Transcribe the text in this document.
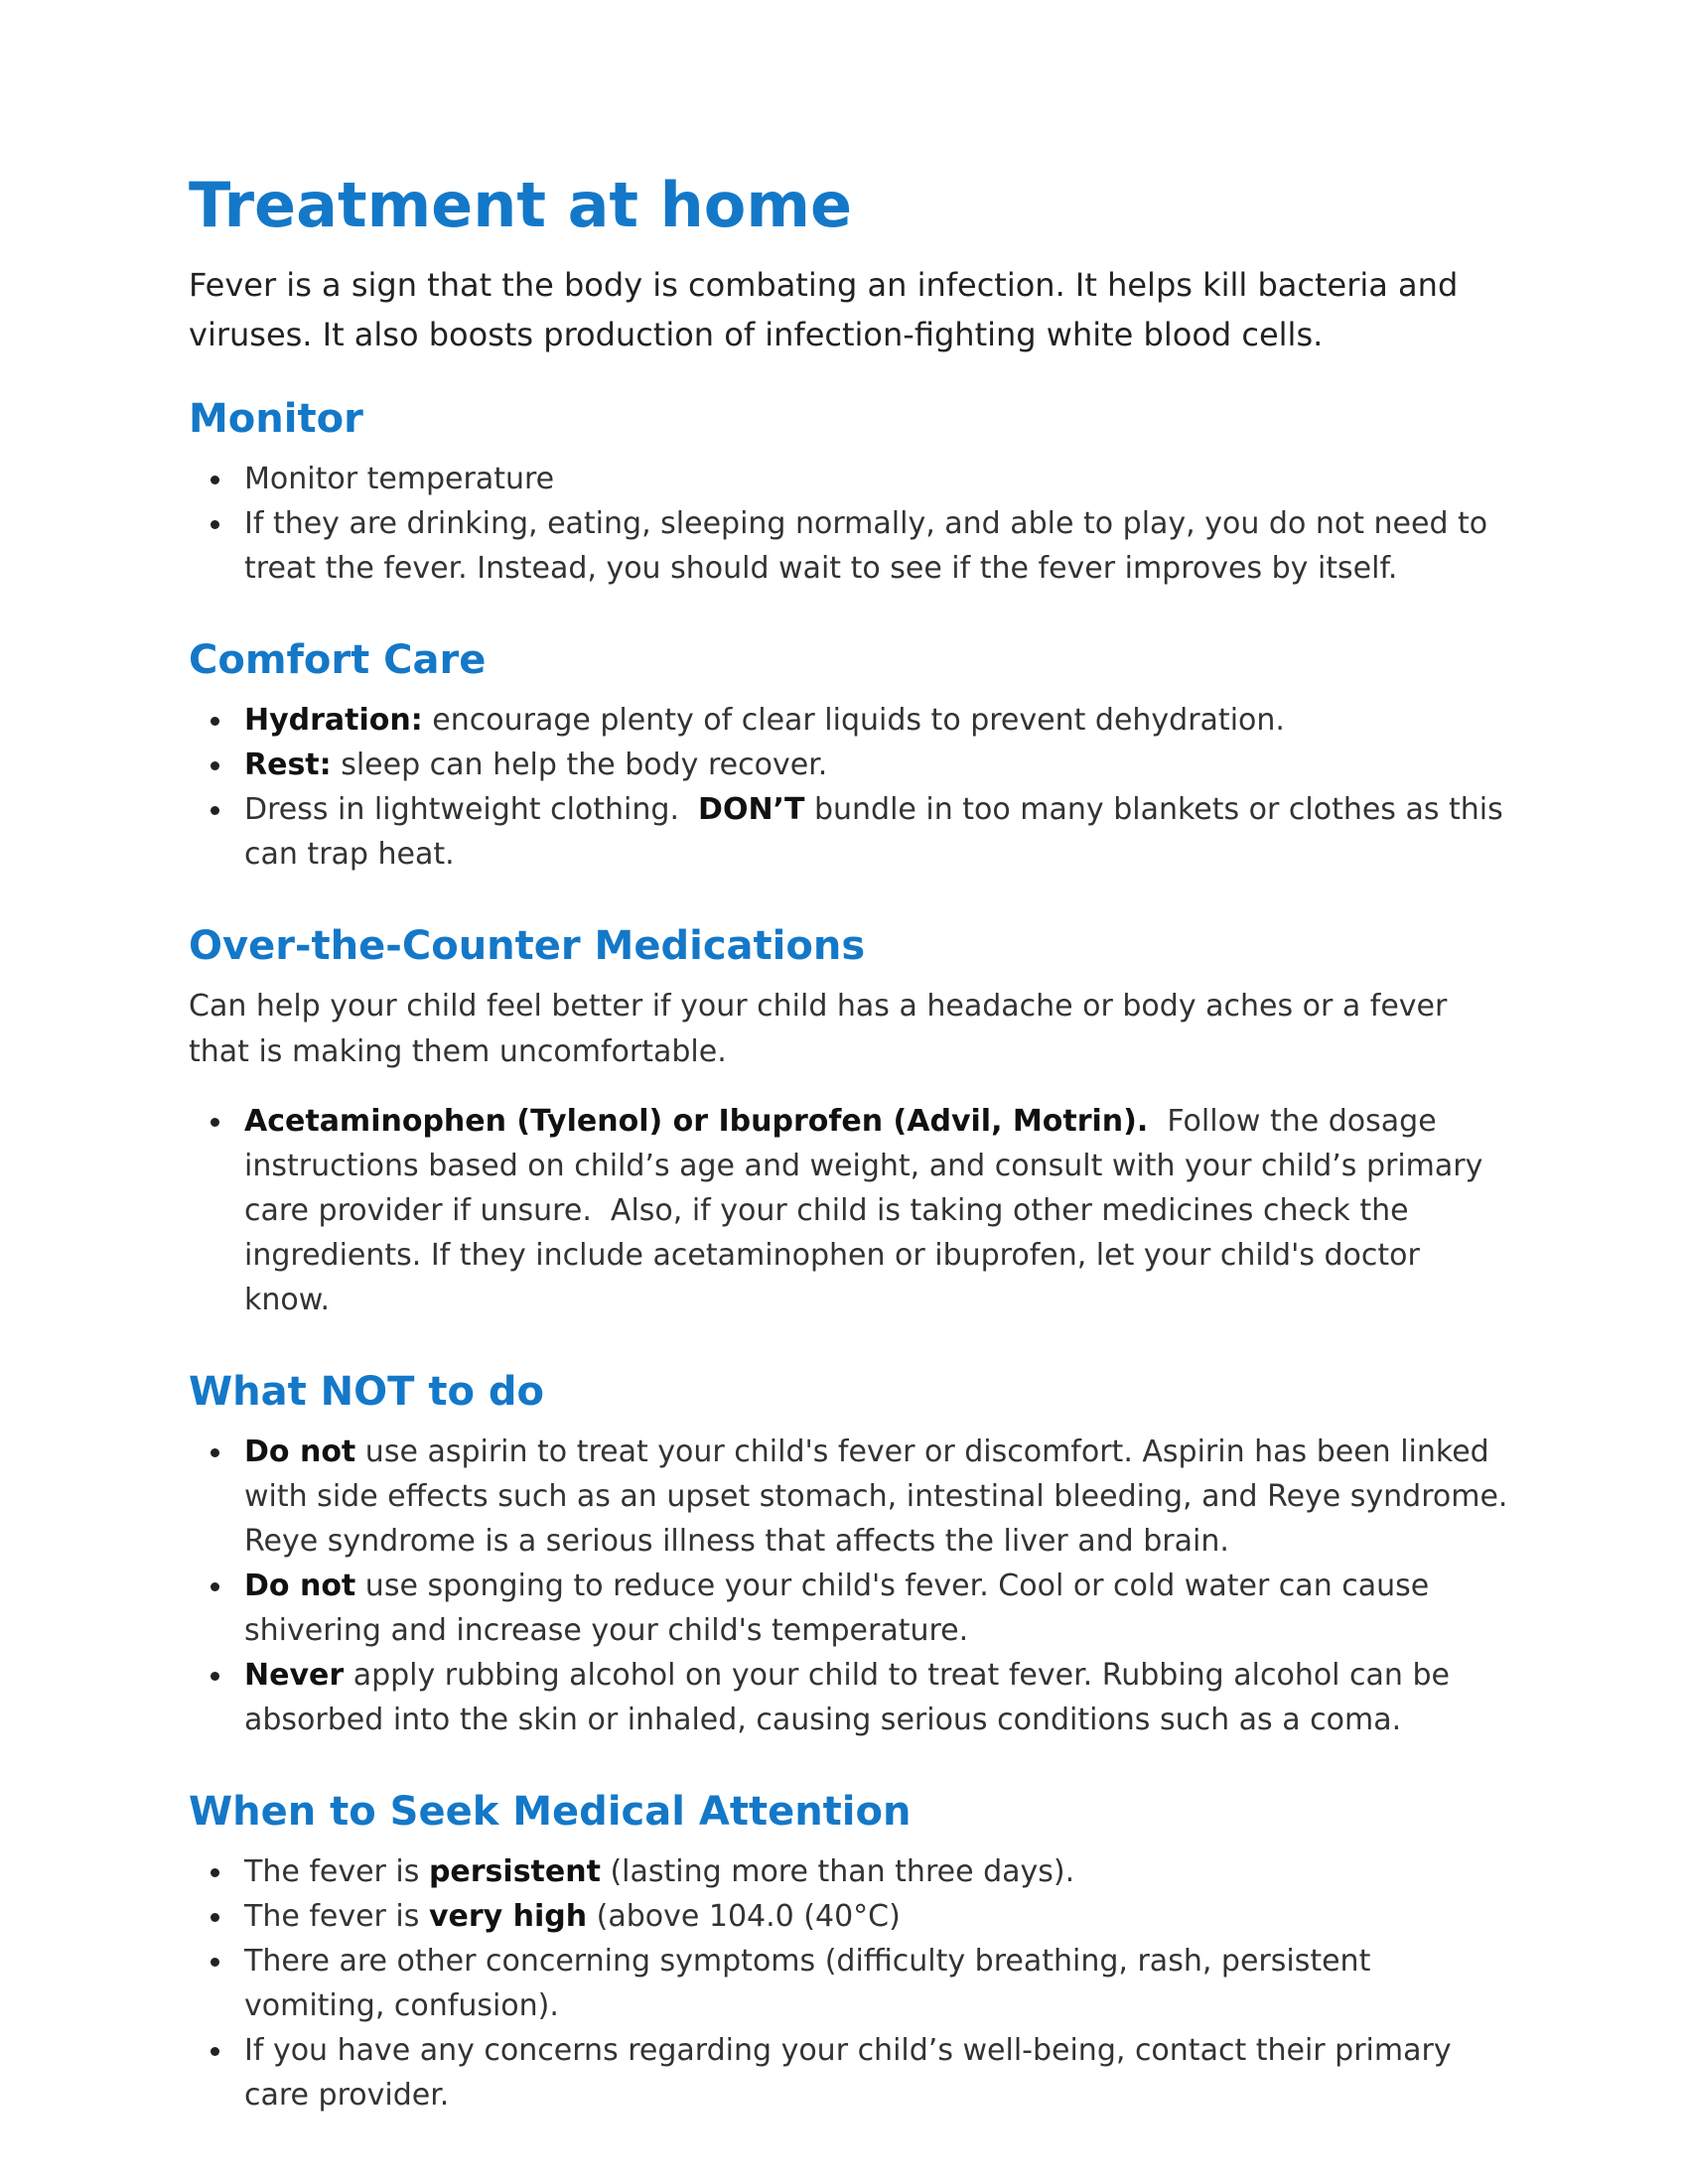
Treatment at home

Fever is a sign that the body is combating an infection. It helps kill bacteria and viruses. It also boosts production of infection-fighting white blood cells.

Monitor
Monitor temperature
If they are drinking, eating, sleeping normally, and able to play, you do not need to treat the fever. Instead, you should wait to see if the fever improves by itself.
Comfort Care
Hydration: encourage plenty of clear liquids to prevent dehydration.
Rest: sleep can help the body recover.
Dress in lightweight clothing.  DON’T bundle in too many blankets or clothes as this can trap heat.
Over-the-Counter Medications

Can help your child feel better if your child has a headache or body aches or a fever that is making them uncomfortable.

Acetaminophen (Tylenol) or Ibuprofen (Advil, Motrin).  Follow the dosage instructions based on child’s age and weight, and consult with your child’s primary care provider if unsure.  Also, if your child is taking other medicines check the ingredients. If they include acetaminophen or ibuprofen, let your child's doctor know.
What NOT to do
Do not use aspirin to treat your child's fever or discomfort. Aspirin has been linked with side effects such as an upset stomach, intestinal bleeding, and Reye syndrome. Reye syndrome is a serious illness that affects the liver and brain.
Do not use sponging to reduce your child's fever. Cool or cold water can cause shivering and increase your child's temperature.
Never apply rubbing alcohol on your child to treat fever. Rubbing alcohol can be absorbed into the skin or inhaled, causing serious conditions such as a coma.
When to Seek Medical Attention
The fever is persistent (lasting more than three days).
The fever is very high (above 104.0 (40°C)
There are other concerning symptoms (difficulty breathing, rash, persistent vomiting, confusion).
If you have any concerns regarding your child’s well-being, contact their primary care provider.
